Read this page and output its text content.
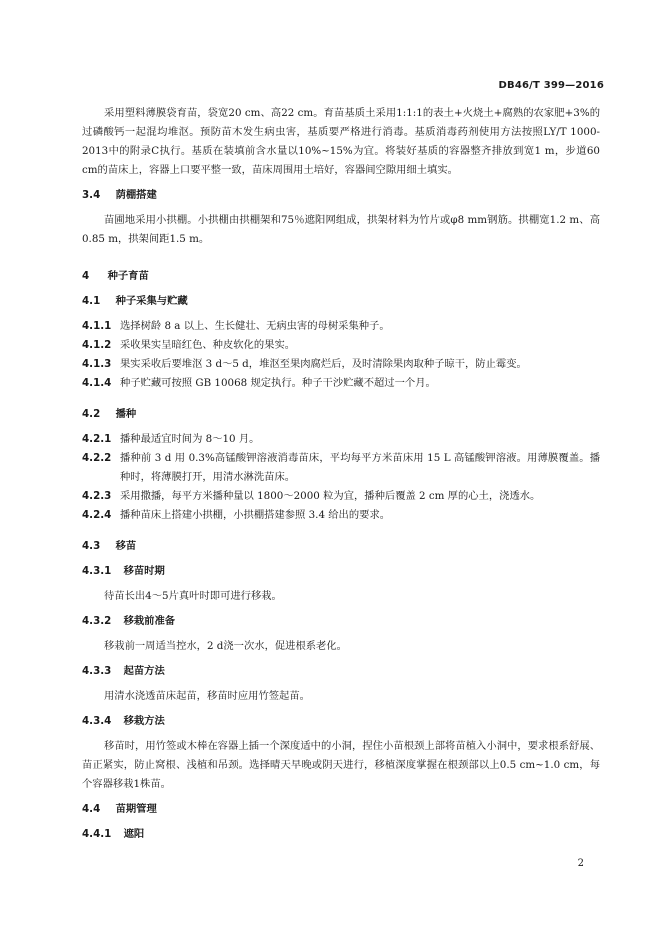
DB46/T 399—2016

采用塑料薄膜袋育苗，袋宽20 cm、高22 cm。育苗基质土采用1:1:1的表土+火烧土+腐熟的农家肥+3%的过磷酸钙一起混均堆沤。预防苗木发生病虫害，基质要严格进行消毒。基质消毒药剂使用方法按照LY/T 1000-2013中的附录C执行。基质在装填前含水量以10%~15%为宜。将装好基质的容器整齐排放到宽1 m，步道60 cm的苗床上，容器上口要平整一致，苗床周围用土培好，容器间空隙用细土填实。

3.4 荫棚搭建

苗圃地采用小拱棚。小拱棚由拱棚架和75％遮阳网组成，拱架材料为竹片或φ8 mm钢筋。拱棚宽1.2 m、高0.85 m，拱架间距1.5 m。

4 种子育苗
4.1 种子采集与贮藏
4.1.1 选择树龄 8 a 以上、生长健壮、无病虫害的母树采集种子。
4.1.2 采收果实呈暗红色、种皮软化的果实。
4.1.3 果实采收后要堆沤 3 d～5 d，堆沤至果肉腐烂后，及时清除果肉取种子晾干，防止霉变。
4.1.4 种子贮藏可按照 GB 10068 规定执行。种子干沙贮藏不超过一个月。
4.2 播种
4.2.1 播种最适宜时间为 8～10 月。
4.2.2 播种前 3 d 用 0.3%高锰酸钾溶液消毒苗床，平均每平方米苗床用 15 L 高锰酸钾溶液。用薄膜覆盖。播种时，将薄膜打开，用清水淋洗苗床。
4.2.3 采用撒播，每平方米播种量以 1800～2000 粒为宜，播种后覆盖 2 cm 厚的心土，浇透水。
4.2.4 播种苗床上搭建小拱棚，小拱棚搭建参照 3.4 给出的要求。
4.3 移苗
4.3.1 移苗时期

待苗长出4～5片真叶时即可进行移栽。

4.3.2 移栽前准备

移栽前一周适当控水，2 d浇一次水，促进根系老化。

4.3.3 起苗方法

用清水浇透苗床起苗，移苗时应用竹签起苗。

4.3.4 移栽方法

移苗时，用竹签或木棒在容器上插一个深度适中的小洞，捏住小苗根颈上部将苗植入小洞中，要求根系舒展、苗正紧实，防止窝根、浅植和吊颈。选择晴天早晚或阴天进行，移植深度掌握在根颈部以上0.5 cm~1.0 cm，每个容器移栽1株苗。

4.4 苗期管理
4.4.1 遮阳
2
